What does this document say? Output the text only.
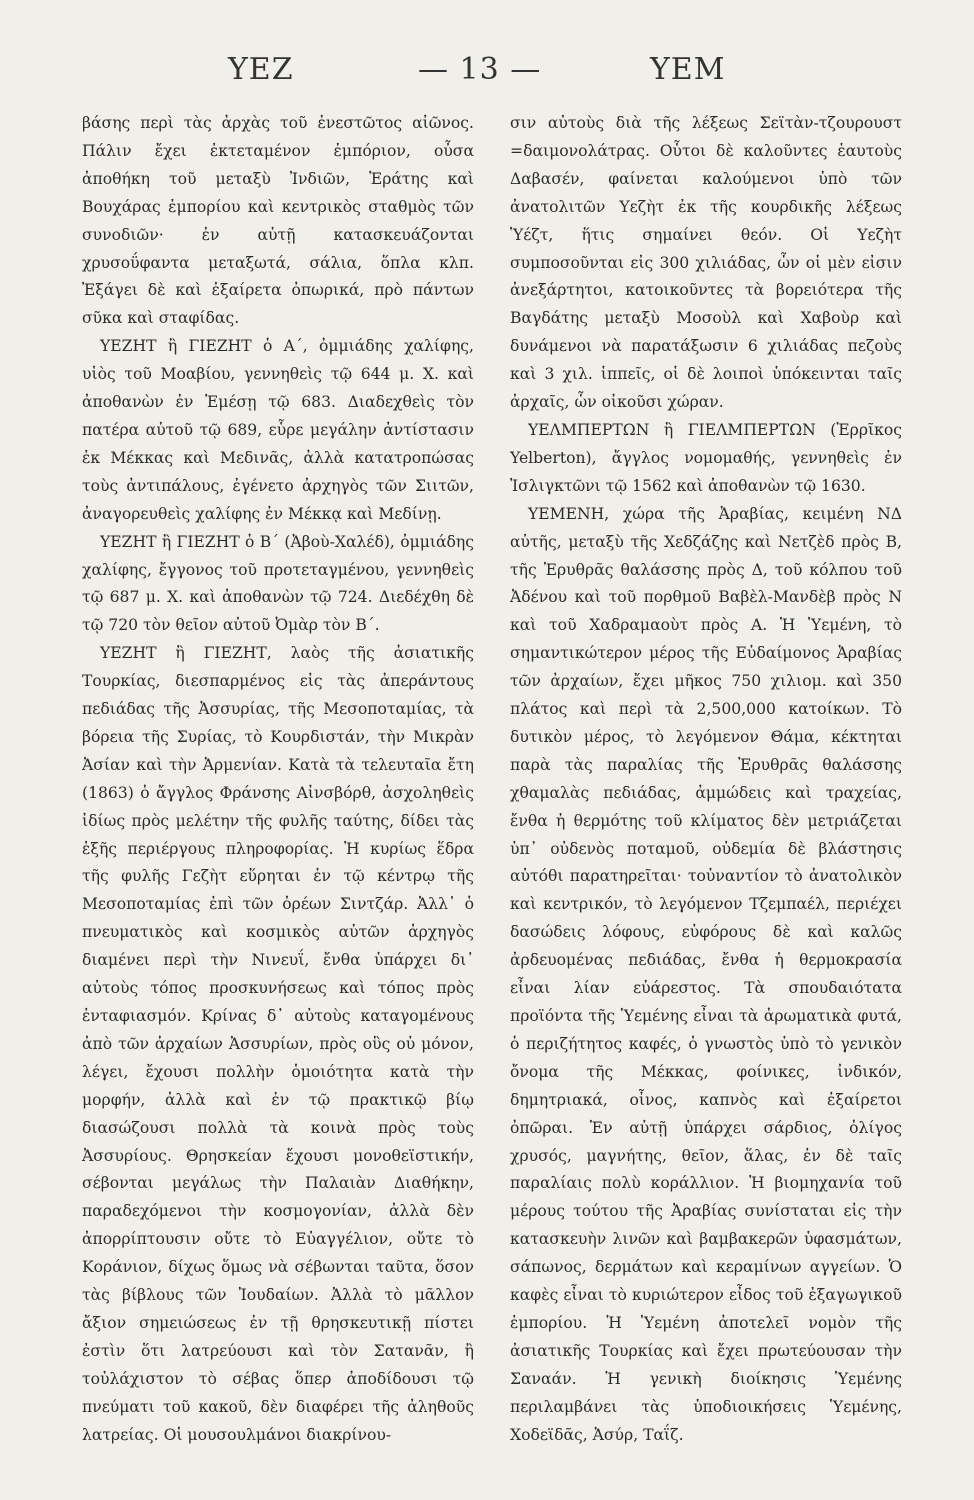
ΥΕΖ	— 13 —	ΥΕΜ

βάσης περὶ τὰς ἀρχὰς τοῦ ἐνεστῶτος αἰῶνος. Πάλιν ἔχει ἐκτεταμένον ἐμπόριον, οὖσα ἀποθήκη τοῦ μεταξὺ Ἰνδιῶν, Ἑράτης καὶ Βουχάρας ἐμπορίου καὶ κεντρικὸς σταθμὸς τῶν συνοδιῶν· ἐν αὐτῇ κατασκευάζονται χρυσοΰφαντα μεταξωτά, σάλια, ὅπλα κλπ. Ἐξάγει δὲ καὶ ἐξαίρετα ὀπωρικά, πρὸ πάντων σῦκα καὶ σταφίδας.

ΥΕΖΗΤ ἢ ΓΙΕΖΗΤ ὁ Α΄, ὀμμιάδης χαλίφης, υἱὸς τοῦ Μοαβίου, γεννηθεὶς τῷ 644 μ. Χ. καὶ ἀποθανὼν ἐν Ἐμέσῃ τῷ 683. Διαδεχθεὶς τὸν πατέρα αὐτοῦ τῷ 689, εὗρε μεγάλην ἀντίστασιν ἐκ Μέκκας καὶ Μεδινᾶς, ἀλλὰ κατατροπώσας τοὺς ἀντιπάλους, ἐγένετο ἀρχηγὸς τῶν Σιιτῶν, ἀναγορευθεὶς χαλίφης ἐν Μέκκᾳ καὶ Μεδίνῃ.

ΥΕΖΗΤ ἢ ΓΙΕΖΗΤ ὁ Β΄ (Ἀβοὺ-Χαλέδ), ὀμμιάδης χαλίφης, ἔγγονος τοῦ προτεταγμένου, γεννηθεὶς τῷ 687 μ. Χ. καὶ ἀποθανὼν τῷ 724. Διεδέχθη δὲ τῷ 720 τὸν θεῖον αὐτοῦ Ὀμὰρ τὸν Β΄.

ΥΕΖΗΤ ἢ ΓΙΕΖΗΤ, λαὸς τῆς ἀσιατικῆς Τουρκίας, διεσπαρμένος εἰς τὰς ἀπεράντους πεδιάδας τῆς Ἀσσυρίας, τῆς Μεσοποταμίας, τὰ βόρεια τῆς Συρίας, τὸ Κουρδιστάν, τὴν Μικρὰν Ἀσίαν καὶ τὴν Ἀρμενίαν. Κατὰ τὰ τελευταῖα ἔτη (1863) ὁ ἄγγλος Φράνσης Αἰνσβόρθ, ἀσχοληθεὶς ἰδίως πρὸς μελέτην τῆς φυλῆς ταύτης, δίδει τὰς ἑξῆς περιέργους πληροφορίας. Ἡ κυρίως ἕδρα τῆς φυλῆς Γεζὴτ εὕρηται ἐν τῷ κέντρῳ τῆς Μεσοποταμίας ἐπὶ τῶν ὀρέων Σιντζάρ. Ἀλλ᾽ ὁ πνευματικὸς καὶ κοσμικὸς αὐτῶν ἀρχηγὸς διαμένει περὶ τὴν Νινευΐ, ἔνθα ὑπάρχει δι᾽ αὐτοὺς τόπος προσκυνήσεως καὶ τόπος πρὸς ἐνταφιασμόν. Κρίνας δ᾽ αὐτοὺς καταγομένους ἀπὸ τῶν ἀρχαίων Ἀσσυρίων, πρὸς οὓς οὐ μόνον, λέγει, ἔχουσι πολλὴν ὁμοιότητα κατὰ τὴν μορφήν, ἀλλὰ καὶ ἐν τῷ πρακτικῷ βίῳ διασώζουσι πολλὰ τὰ κοινὰ πρὸς τοὺς Ἀσσυρίους. Θρησκείαν ἔχουσι μονοθεϊστικήν, σέβονται μεγάλως τὴν Παλαιὰν Διαθήκην, παραδεχόμενοι τὴν κοσμογονίαν, ἀλλὰ δὲν ἀπορρίπτουσιν οὔτε τὸ Εὐαγγέλιον, οὔτε τὸ Κοράνιον, δίχως ὅμως νὰ σέβωνται ταῦτα, ὅσον τὰς βίβλους τῶν Ἰουδαίων. Ἀλλὰ τὸ μᾶλλον ἄξιον σημειώσεως ἐν τῇ θρησκευτικῇ πίστει ἐστὶν ὅτι λατρεύουσι καὶ τὸν Σατανᾶν, ἢ τοὐλάχιστον τὸ σέβας ὅπερ ἀποδίδουσι τῷ πνεύματι τοῦ κακοῦ, δὲν διαφέρει τῆς ἀληθοῦς λατρείας. Οἱ μουσουλμάνοι διακρίνου-

σιν αὐτοὺς διὰ τῆς λέξεως Σεϊτὰν-τζουρουστ =δαιμονολάτρας. Οὗτοι δὲ καλοῦντες ἑαυτοὺς Δαβασέν, φαίνεται καλούμενοι ὑπὸ τῶν ἀνατολιτῶν Υεζὴτ ἐκ τῆς κουρδικῆς λέξεως Ὑέζτ, ἥτις σημαίνει θεόν. Οἱ Υεζὴτ συμποσοῦνται εἰς 300 χιλιάδας, ὧν οἱ μὲν εἰσιν ἀνεξάρτητοι, κατοικοῦντες τὰ βορειότερα τῆς Βαγδάτης μεταξὺ Μοσοὺλ καὶ Χαβοὺρ καὶ δυνάμενοι νὰ παρατάξωσιν 6 χιλιάδας πεζοὺς καὶ 3 χιλ. ἱππεῖς, οἱ δὲ λοιποὶ ὑπόκεινται ταῖς ἀρχαῖς, ὧν οἰκοῦσι χώραν.

ΥΕΛΜΠΕΡΤΩΝ ἢ ΓΙΕΛΜΠΕΡΤΩΝ (Ἐρρῖκος Yelberton), ἄγγλος νομομαθής, γεννηθεὶς ἐν Ἰσλιγκτῶνι τῷ 1562 καὶ ἀποθανὼν τῷ 1630.

ΥΕΜΕΝΗ, χώρα τῆς Ἀραβίας, κειμένη ΝΔ αὐτῆς, μεταξὺ τῆς Χεδζάζης καὶ Νετζὲδ πρὸς Β, τῆς Ἐρυθρᾶς θαλάσσης πρὸς Δ, τοῦ κόλπου τοῦ Ἀδένου καὶ τοῦ πορθμοῦ Βαβὲλ-Μανδὲβ πρὸς Ν καὶ τοῦ Χαδραμαοὺτ πρὸς Α. Ἡ Ὑεμένη, τὸ σημαντικώτερον μέρος τῆς Εὐδαίμονος Ἀραβίας τῶν ἀρχαίων, ἔχει μῆκος 750 χιλιομ. καὶ 350 πλάτος καὶ περὶ τὰ 2,500,000 κατοίκων. Τὸ δυτικὸν μέρος, τὸ λεγόμενον Θάμα, κέκτηται παρὰ τὰς παραλίας τῆς Ἐρυθρᾶς θαλάσσης χθαμαλὰς πεδιάδας, ἀμμώδεις καὶ τραχείας, ἔνθα ἡ θερμότης τοῦ κλίματος δὲν μετριάζεται ὑπ᾽ οὐδενὸς ποταμοῦ, οὐδεμία δὲ βλάστησις αὐτόθι παρατηρεῖται· τοὐναντίον τὸ ἀνατολικὸν καὶ κεντρικόν, τὸ λεγόμενον Τζεμπαέλ, περιέχει δασώδεις λόφους, εὐφόρους δὲ καὶ καλῶς ἀρδευομένας πεδιάδας, ἔνθα ἡ θερμοκρασία εἶναι λίαν εὐάρεστος. Τὰ σπουδαιότατα προϊόντα τῆς Ὑεμένης εἶναι τὰ ἀρωματικὰ φυτά, ὁ περιζήτητος καφές, ὁ γνωστὸς ὑπὸ τὸ γενικὸν ὄνομα τῆς Μέκκας, φοίνικες, ἰνδικόν, δημητριακά, οἶνος, καπνὸς καὶ ἐξαίρετοι ὀπῶραι. Ἐν αὐτῇ ὑπάρχει σάρδιος, ὀλίγος χρυσός, μαγνήτης, θεῖον, ἅλας, ἐν δὲ ταῖς παραλίαις πολὺ κοράλλιον. Ἡ βιομηχανία τοῦ μέρους τούτου τῆς Ἀραβίας συνίσταται εἰς τὴν κατασκευὴν λινῶν καὶ βαμβακερῶν ὑφασμάτων, σάπωνος, δερμάτων καὶ κεραμίνων αγγείων. Ὁ καφὲς εἶναι τὸ κυριώτερον εἶδος τοῦ ἐξαγωγικοῦ ἐμπορίου. Ἡ Ὑεμένη ἀποτελεῖ νομὸν τῆς ἀσιατικῆς Τουρκίας καὶ ἔχει πρωτεύουσαν τὴν Σαναάν. Ἡ γενικὴ διοίκησις Ὑεμένης περιλαμβάνει τὰς ὑποδιοικήσεις Ὑεμένης, Χοδεϊδᾶς, Ἀσύρ, Ταΐζ.
